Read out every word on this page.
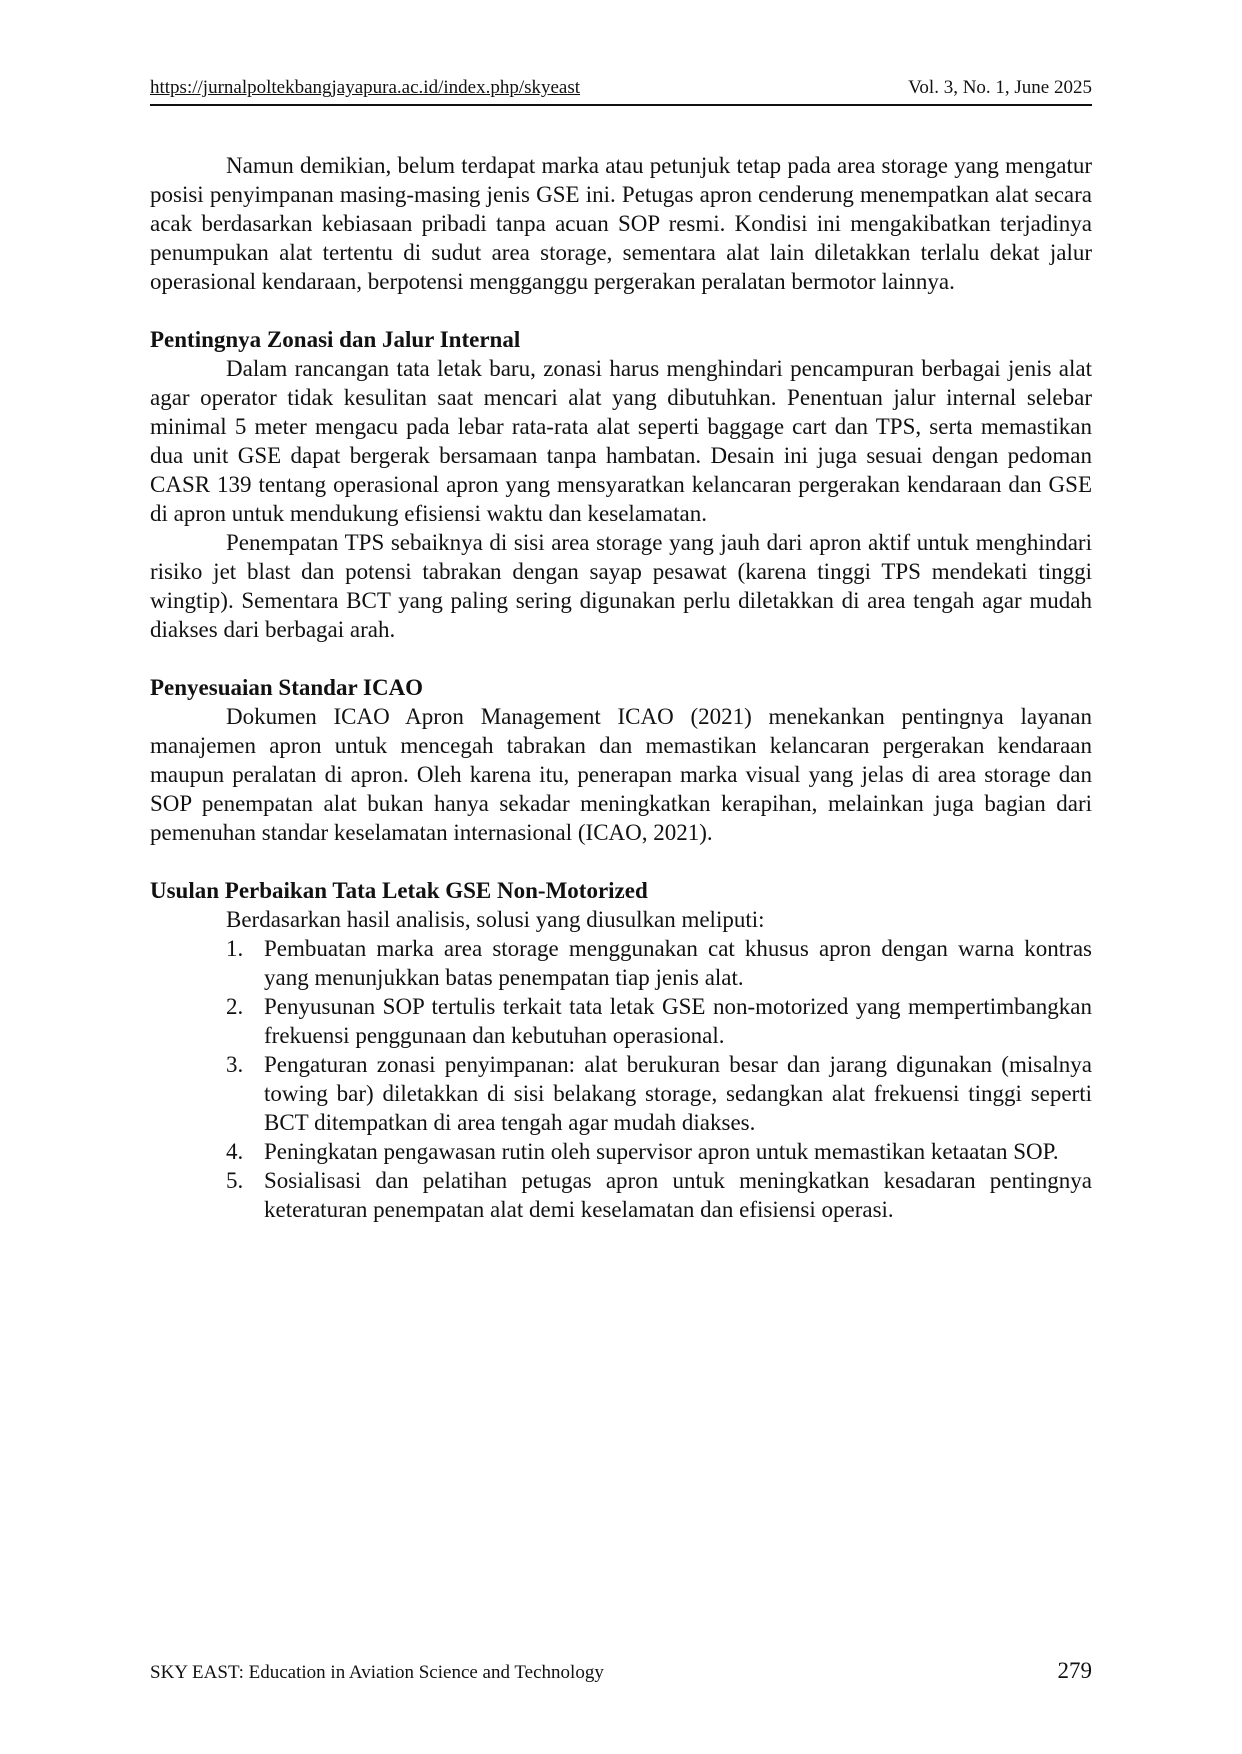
https://jurnalpoltekbangjayapura.ac.id/index.php/skyeast	Vol. 3, No. 1, June 2025

Namun demikian, belum terdapat marka atau petunjuk tetap pada area storage yang mengatur posisi penyimpanan masing-masing jenis GSE ini. Petugas apron cenderung menempatkan alat secara acak berdasarkan kebiasaan pribadi tanpa acuan SOP resmi. Kondisi ini mengakibatkan terjadinya penumpukan alat tertentu di sudut area storage, sementara alat lain diletakkan terlalu dekat jalur operasional kendaraan, berpotensi mengganggu pergerakan peralatan bermotor lainnya.

Pentingnya Zonasi dan Jalur Internal

Dalam rancangan tata letak baru, zonasi harus menghindari pencampuran berbagai jenis alat agar operator tidak kesulitan saat mencari alat yang dibutuhkan. Penentuan jalur internal selebar minimal 5 meter mengacu pada lebar rata-rata alat seperti baggage cart dan TPS, serta memastikan dua unit GSE dapat bergerak bersamaan tanpa hambatan. Desain ini juga sesuai dengan pedoman CASR 139 tentang operasional apron yang mensyaratkan kelancaran pergerakan kendaraan dan GSE di apron untuk mendukung efisiensi waktu dan keselamatan.

Penempatan TPS sebaiknya di sisi area storage yang jauh dari apron aktif untuk menghindari risiko jet blast dan potensi tabrakan dengan sayap pesawat (karena tinggi TPS mendekati tinggi wingtip). Sementara BCT yang paling sering digunakan perlu diletakkan di area tengah agar mudah diakses dari berbagai arah.

Penyesuaian Standar ICAO

Dokumen ICAO Apron Management ICAO (2021) menekankan pentingnya layanan manajemen apron untuk mencegah tabrakan dan memastikan kelancaran pergerakan kendaraan maupun peralatan di apron. Oleh karena itu, penerapan marka visual yang jelas di area storage dan SOP penempatan alat bukan hanya sekadar meningkatkan kerapihan, melainkan juga bagian dari pemenuhan standar keselamatan internasional (ICAO, 2021).

Usulan Perbaikan Tata Letak GSE Non-Motorized

Berdasarkan hasil analisis, solusi yang diusulkan meliputi:

1. Pembuatan marka area storage menggunakan cat khusus apron dengan warna kontras yang menunjukkan batas penempatan tiap jenis alat.
2. Penyusunan SOP tertulis terkait tata letak GSE non-motorized yang mempertimbangkan frekuensi penggunaan dan kebutuhan operasional.
3. Pengaturan zonasi penyimpanan: alat berukuran besar dan jarang digunakan (misalnya towing bar) diletakkan di sisi belakang storage, sedangkan alat frekuensi tinggi seperti BCT ditempatkan di area tengah agar mudah diakses.
4. Peningkatan pengawasan rutin oleh supervisor apron untuk memastikan ketaatan SOP.
5. Sosialisasi dan pelatihan petugas apron untuk meningkatkan kesadaran pentingnya keteraturan penempatan alat demi keselamatan dan efisiensi operasi.
SKY EAST: Education in Aviation Science and Technology	279
